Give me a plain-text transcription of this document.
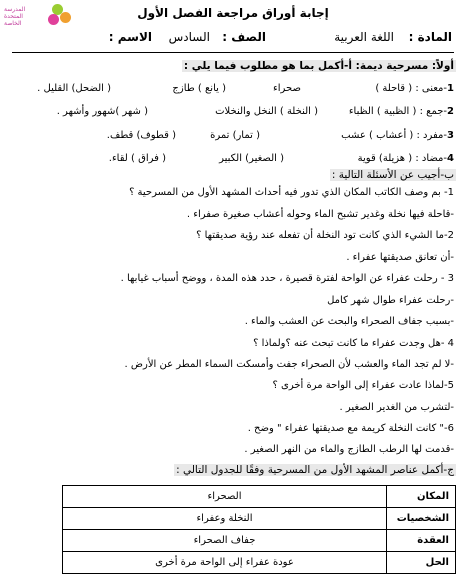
المدرسة
المتحدة
الخاصة
إجابة أوراق مراجعة الفصل الأول
المادة :
اللغة العربية
الصف :
السادس
الاسم :
أولاً: مسرحية ديمة: أ-أكمل بما هو مطلوب فيما يلي :
1-معنى : ( قاحلة )
صحراء
( يانع ) طازج
( الضحل) القليل .
2-جمع : ( الظبية ) الظباء
( النخلة ) النخل والنخلات
( شهر )شهور وأشهر .
3-مفرد : ( أعشاب ) عشب
( تمار) تمرة
( قطوف) قطف.
4-مضاد : ( هزيلة) قوية
( الصغير) الكبير
( فراق ) لقاء.
ب-أجيب عن الأسئلة التالية :
1- بم وصف الكاتب المكان الذي تدور فيه أحداث المشهد الأول من المسرحية ؟
-قاحلة فيها نخلة وغدير تشبح الماء وحوله أعشاب صغيرة صفراء .
2-ما الشيء الذي كانت تود النخلة أن تفعله عند رؤية صديقتها ؟
-أن تعانق صديقتها عفراء .
3 - رحلت عفراء عن الواحة لفترة قصيرة ، حدد هذه المدة ، ووضح أسباب غيابها .
-رحلت عفراء طوال شهر كامل
-بسبب جفاف الصحراء والبحث عن العشب والماء .
4 -هل وجدت عفراء ما كانت تبحث عنه ؟ولماذا ؟
-لا لم تجد الماء والعشب لأن الصحراء جفت وأمسكت السماء المطر عن الأرض .
5-لماذا عادت عفراء إلى الواحة مرة أخرى ؟
-لتشرب من الغدير الصغير .
6-" كانت النخلة كريمة مع صديقتها عفراء " وضح .
-قدمت لها الرطب الطازج والماء من النهر الصغير .
ج-أكمل عناصر المشهد الأول من المسرحية وفقًا للجدول التالي :
المكان	الصحراء
الشخصيات	النخلة وعفراء
العقدة	جفاف الصحراء
الحل	عودة عفراء إلى الواحة مرة أخرى
